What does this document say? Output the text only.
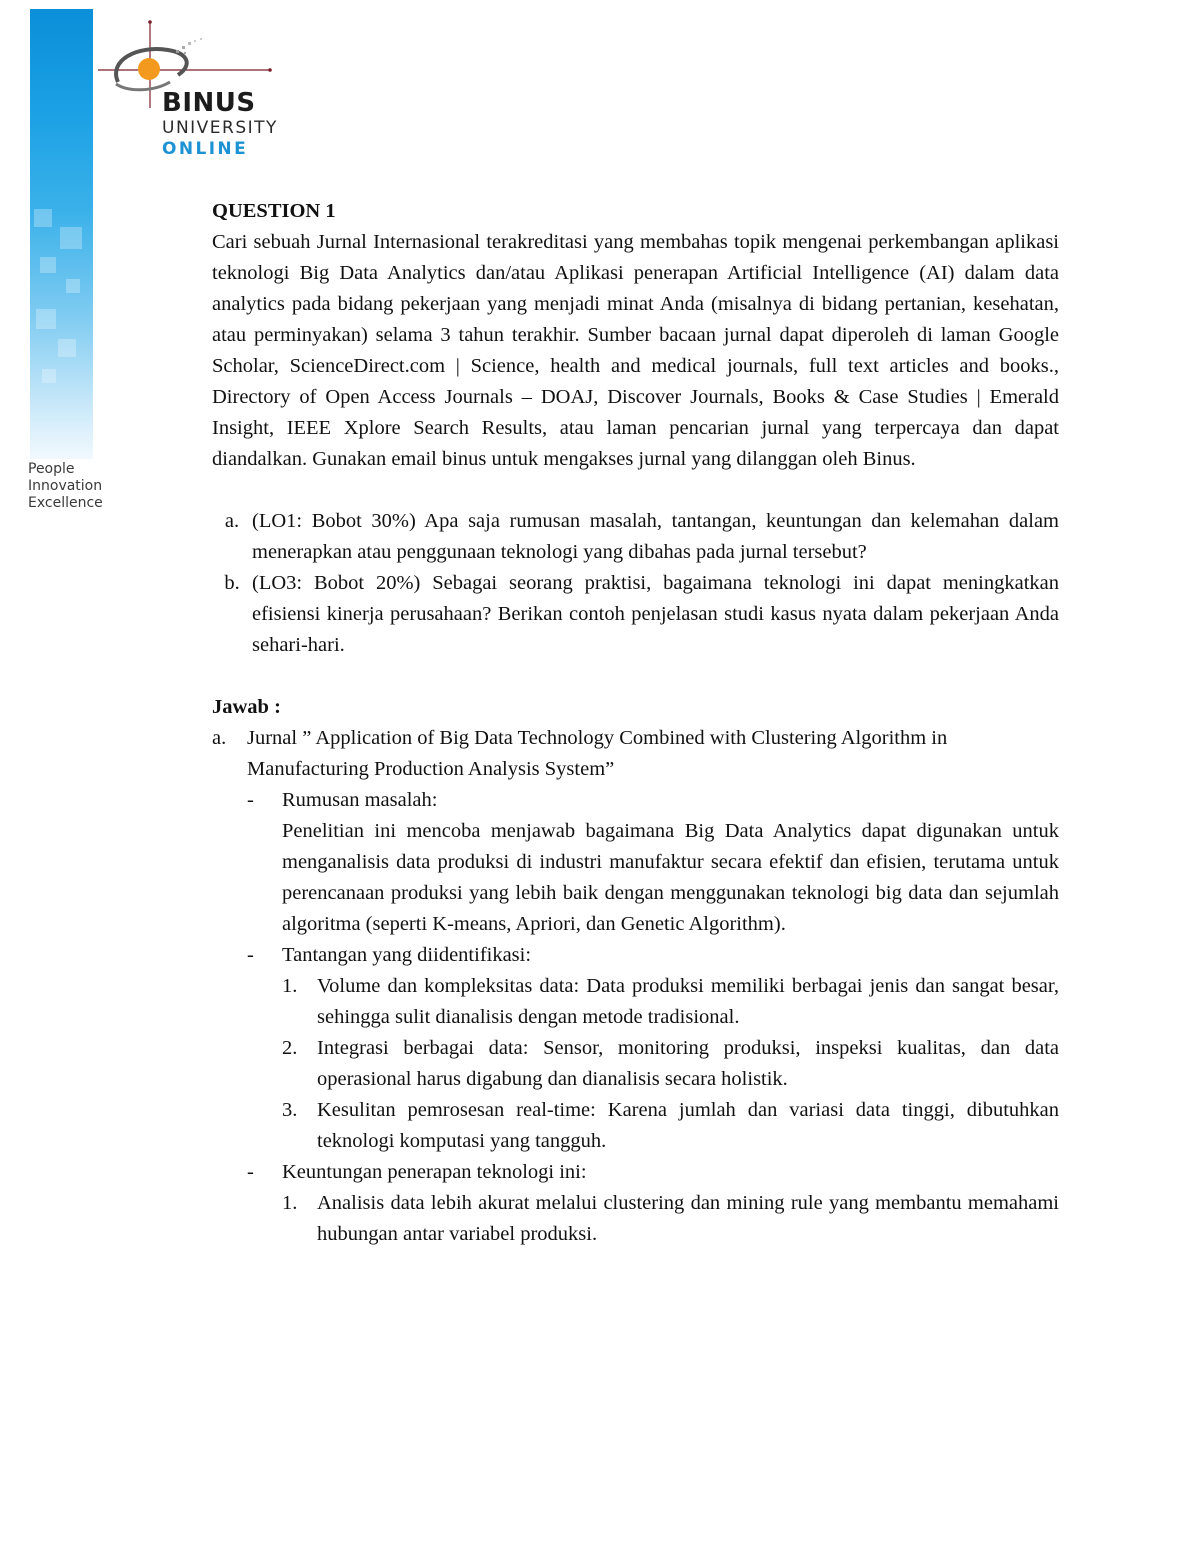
People
Innovation
Excellence
BINUS
UNIVERSITY
ONLINE
QUESTION 1
Cari sebuah Jurnal Internasional terakreditasi yang membahas topik mengenai perkembangan aplikasi teknologi Big Data Analytics dan/atau Aplikasi penerapan Artificial Intelligence (AI) dalam data analytics pada bidang pekerjaan yang menjadi minat Anda (misalnya di bidang pertanian, kesehatan, atau perminyakan) selama 3 tahun terakhir. Sumber bacaan jurnal dapat diperoleh di laman Google Scholar, ScienceDirect.com | Science, health and medical journals, full text articles and books., Directory of Open Access Journals – DOAJ, Discover Journals, Books & Case Studies | Emerald Insight, IEEE Xplore Search Results, atau laman pencarian jurnal yang terpercaya dan dapat diandalkan. Gunakan email binus untuk mengakses jurnal yang dilanggan oleh Binus.
a. (LO1: Bobot 30%) Apa saja rumusan masalah, tantangan, keuntungan dan kelemahan dalam menerapkan atau penggunaan teknologi yang dibahas pada jurnal tersebut?
b. (LO3: Bobot 20%) Sebagai seorang praktisi, bagaimana teknologi ini dapat meningkatkan efisiensi kinerja perusahaan? Berikan contoh penjelasan studi kasus nyata dalam pekerjaan Anda sehari-hari.
Jawab :
a.	Jurnal ” Application of Big Data Technology Combined with Clustering Algorithm in Manufacturing Production Analysis System”
-	Rumusan masalah:
Penelitian ini mencoba menjawab bagaimana Big Data Analytics dapat digunakan untuk menganalisis data produksi di industri manufaktur secara efektif dan efisien, terutama untuk perencanaan produksi yang lebih baik dengan menggunakan teknologi big data dan sejumlah algoritma (seperti K-means, Apriori, dan Genetic Algorithm).
-	Tantangan yang diidentifikasi:
1. Volume dan kompleksitas data: Data produksi memiliki berbagai jenis dan sangat besar, sehingga sulit dianalisis dengan metode tradisional.
2. Integrasi berbagai data: Sensor, monitoring produksi, inspeksi kualitas, dan data operasional harus digabung dan dianalisis secara holistik.
3. Kesulitan pemrosesan real-time: Karena jumlah dan variasi data tinggi, dibutuhkan teknologi komputasi yang tangguh.
-	Keuntungan penerapan teknologi ini:
1. Analisis data lebih akurat melalui clustering dan mining rule yang membantu memahami hubungan antar variabel produksi.
